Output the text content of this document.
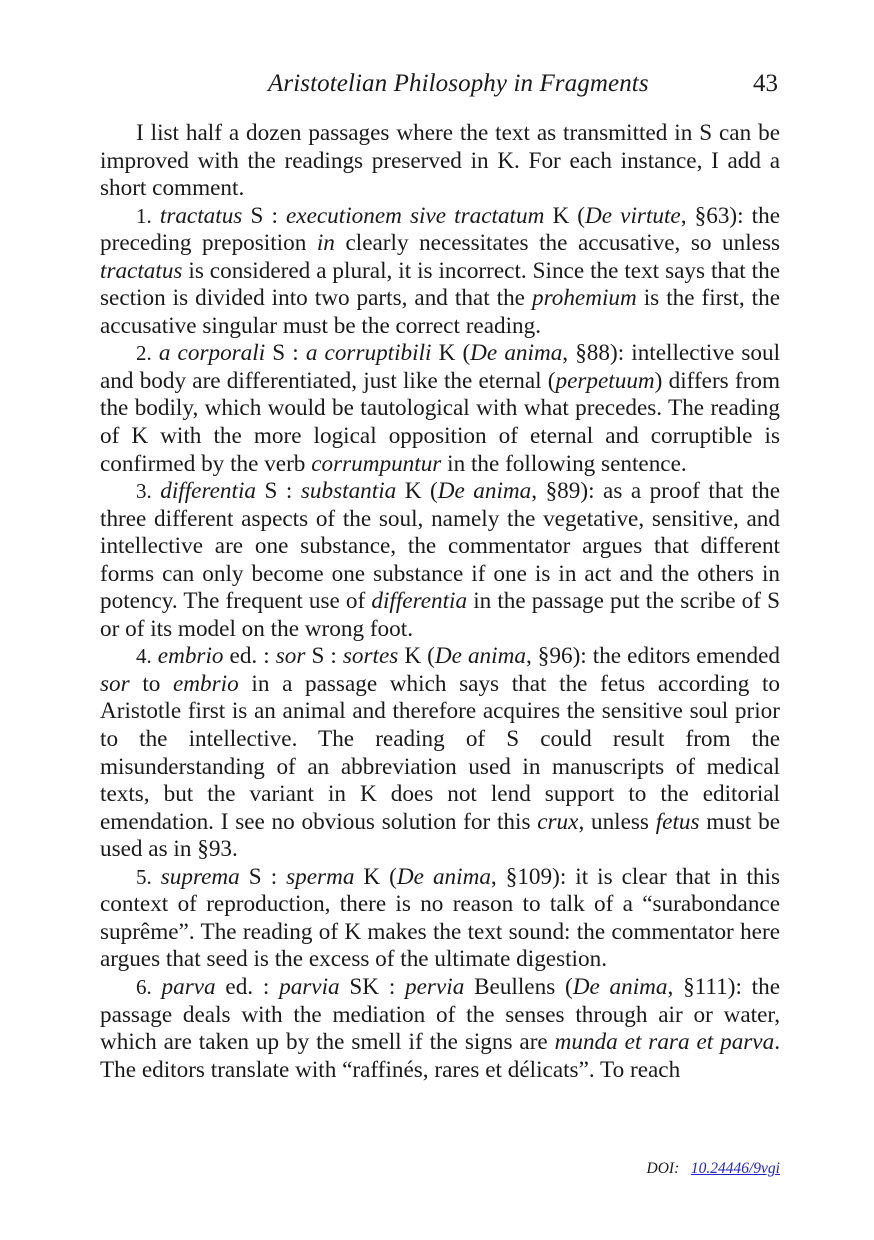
Aristotelian Philosophy in Fragments	43

I list half a dozen passages where the text as transmitted in S can be improved with the readings preserved in K. For each instance, I add a short comment.

1. tractatus S : executionem sive tractatum K (De virtute, §63): the preceding preposition in clearly necessitates the accusative, so unless tractatus is considered a plural, it is incorrect. Since the text says that the section is divided into two parts, and that the prohemium is the first, the accusative singular must be the correct reading.

2. a corporali S : a corruptibili K (De anima, §88): intellective soul and body are differentiated, just like the eternal (perpetuum) differs from the bodily, which would be tautological with what precedes. The reading of K with the more logical opposition of eternal and corruptible is confirmed by the verb corrumpuntur in the following sentence.

3. differentia S : substantia K (De anima, §89): as a proof that the three different aspects of the soul, namely the vegetative, sensitive, and intellective are one substance, the commentator argues that different forms can only become one substance if one is in act and the others in potency. The frequent use of differentia in the passage put the scribe of S or of its model on the wrong foot.

4. embrio ed. : sor S : sortes K (De anima, §96): the editors emended sor to embrio in a passage which says that the fetus according to Aristotle first is an animal and therefore acquires the sensitive soul prior to the intellective. The reading of S could result from the misunderstanding of an abbreviation used in manuscripts of medical texts, but the variant in K does not lend support to the editorial emendation. I see no obvious solution for this crux, unless fetus must be used as in §93.

5. suprema S : sperma K (De anima, §109): it is clear that in this context of reproduction, there is no reason to talk of a “surabondance suprême”. The reading of K makes the text sound: the commentator here argues that seed is the excess of the ultimate digestion.

6. parva ed. : parvia SK : pervia Beullens (De anima, §111): the passage deals with the mediation of the senses through air or water, which are taken up by the smell if the signs are munda et rara et parva. The editors translate with “raffinés, rares et délicats”. To reach

DOI: 10.24446/9vgi
